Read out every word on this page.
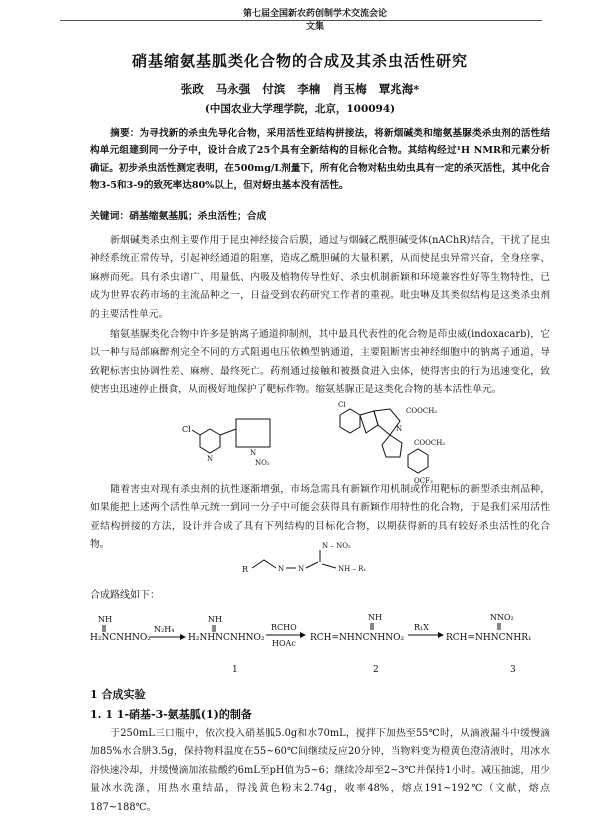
第七届全国新农药创制学术交流会论文集
硝基缩氨基胍类化合物的合成及其杀虫活性研究
张政 马永强 付滨 李楠 肖玉梅 覃兆海*
(中国农业大学理学院，北京，100094)
摘要：为寻找新的杀虫先导化合物，采用活性亚结构拼接法，将新烟碱类和缩氨基脲类杀虫剂的活性结构单元组建到同一分子中，设计合成了25个具有全新结构的目标化合物。其结构经过¹H NMR和元素分析确证。初步杀虫活性测定表明，在500mg/L剂量下，所有化合物对粘虫幼虫具有一定的杀灭活性，其中化合物3-5和3-9的致死率达80%以上，但对蚜虫基本没有活性。
关键词：硝基缩氨基胍；杀虫活性；合成
新烟碱类杀虫剂主要作用于昆虫神经接合后膜，通过与烟碱乙酰胆碱受体(nAChR)结合，干扰了昆虫神经系统正常传导，引起神经通道的阻塞，造成乙酰胆碱的大量积累，从而使昆虫异常兴奋，全身痉挛、麻痹而死。具有杀虫谱广、用量低、内吸及植物传导性好、杀虫机制新颖和环境兼容性好等生物特性，已成为世界农药市场的主流品种之一，日益受到农药研究工作者的重视。吡虫啉及其类似结构是这类杀虫剂的主要活性单元。
缩氨基脲类化合物中许多是钠离子通道抑制剂，其中最具代表性的化合物是茚虫威(indoxacarb)，它以一种与局部麻醉剂完全不同的方式阻遏电压依赖型钠通道，主要阻断害虫神经细胞中的钠离子通道，导致靶标害虫协调性差、麻痹、最终死亡。药剂通过接触和被摄食进入虫体，使得害虫的行为迅速变化，致使害虫迅速停止摄食，从而极好地保护了靶标作物。缩氨基脲正是这类化合物的基本活性单元。
Cl
N
N
NO₂
Cl
COOCH₃
N
COOCH₃
OCF₃
随着害虫对现有杀虫剂的抗性逐渐增强，市场急需具有新颖作用机制或作用靶标的新型杀虫剂品种，如果能把上述两个活性单元统一到同一分子中可能会获得具有新颖作用特性的化合物，于是我们采用活性亚结构拼接的方法，设计并合成了具有下列结构的目标化合物，以期获得新的具有较好杀虫活性的化合物。
R	N N
N – NO₂
NH – R₁
合成路线如下：
NH
H₂NCNHNO₂
N₂H₄
NH
H₂NHNCNHNO₂
RCHO
HOAc
NH
RCH=NHNCNHNO₂
R₁X
NNO₂
RCH=NHNCNHR₁
1	2	3
1 合成实验
1. 1 1-硝基-3-氨基胍(1)的制备
于250mL三口瓶中，依次投入硝基胍5.0g和水70mL，搅拌下加热至55℃时，从滴液漏斗中缓慢滴加85%水合肼3.5g，保持物料温度在55~60℃间继续反应20分钟，当物料变为橙黄色澄清液时，用冰水浴快速冷却，并缓慢滴加浓盐酸约6mL至pH值为5~6；继续冷却至2~3℃并保持1小时。减压抽滤，用少量冰水洗涤，用热水重结晶，得浅黄色粉末2.74g，收率48%，熔点191~192℃（文献，熔点187~188℃。
